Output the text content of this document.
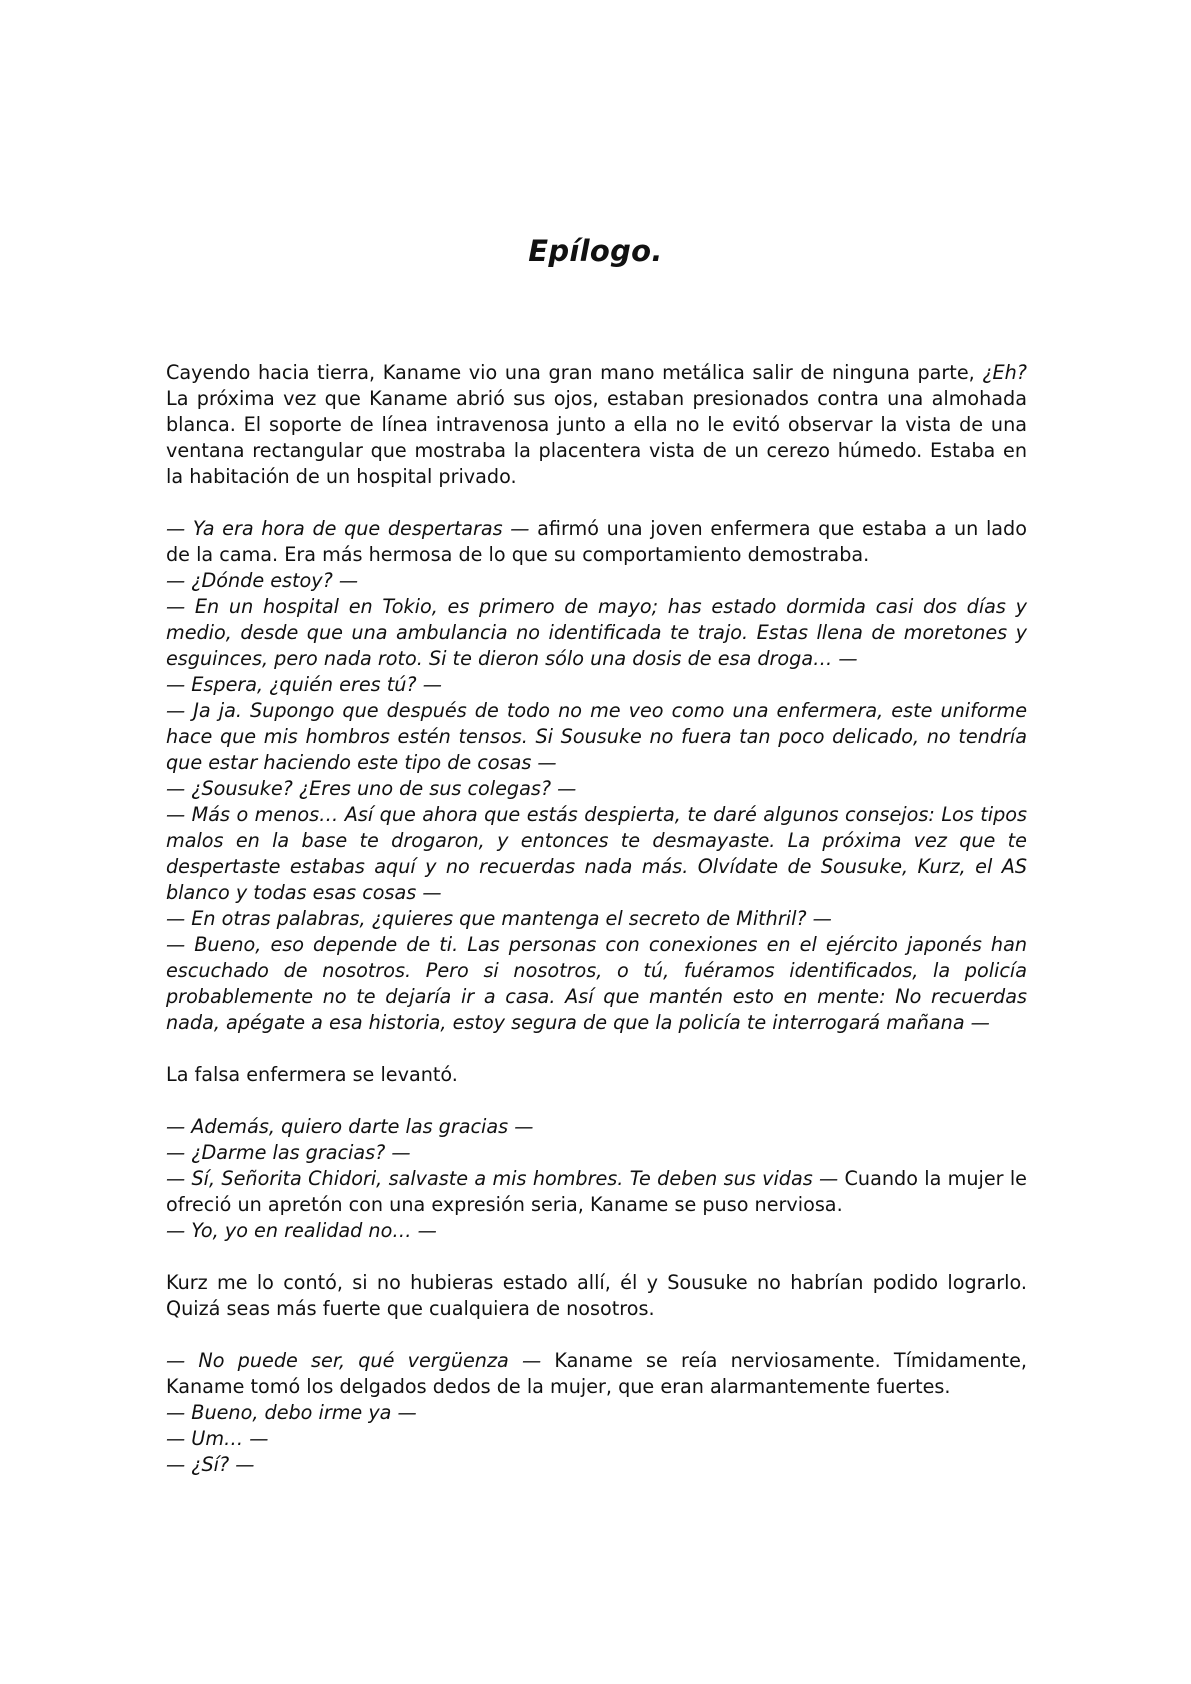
Epílogo.

Cayendo hacia tierra, Kaname vio una gran mano metálica salir de ninguna parte, ¿Eh? La próxima vez que Kaname abrió sus ojos, estaban presionados contra una almohada blanca. El soporte de línea intravenosa junto a ella no le evitó observar la vista de una ventana rectangular que mostraba la placentera vista de un cerezo húmedo. Estaba en la habitación de un hospital privado.

— Ya era hora de que despertaras — afirmó una joven enfermera que estaba a un lado de la cama. Era más hermosa de lo que su comportamiento demostraba.

— ¿Dónde estoy? —

— En un hospital en Tokio, es primero de mayo; has estado dormida casi dos días y medio, desde que una ambulancia no identificada te trajo. Estas llena de moretones y esguinces, pero nada roto. Si te dieron sólo una dosis de esa droga… —

— Espera, ¿quién eres tú? —

— Ja ja. Supongo que después de todo no me veo como una enfermera, este uniforme hace que mis hombros estén tensos. Si Sousuke no fuera tan poco delicado, no tendría que estar haciendo este tipo de cosas —

— ¿Sousuke? ¿Eres uno de sus colegas? —

— Más o menos… Así que ahora que estás despierta, te daré algunos consejos: Los tipos malos en la base te drogaron, y entonces te desmayaste. La próxima vez que te despertaste estabas aquí y no recuerdas nada más. Olvídate de Sousuke, Kurz, el AS blanco y todas esas cosas —

— En otras palabras, ¿quieres que mantenga el secreto de Mithril? —

— Bueno, eso depende de ti. Las personas con conexiones en el ejército japonés han escuchado de nosotros. Pero si nosotros, o tú, fuéramos identificados, la policía probablemente no te dejaría ir a casa. Así que mantén esto en mente: No recuerdas nada, apégate a esa historia, estoy segura de que la policía te interrogará mañana —

La falsa enfermera se levantó.

— Además, quiero darte las gracias —

— ¿Darme las gracias? —

— Sí, Señorita Chidori, salvaste a mis hombres. Te deben sus vidas — Cuando la mujer le ofreció un apretón con una expresión seria, Kaname se puso nerviosa.

— Yo, yo en realidad no… —

Kurz me lo contó, si no hubieras estado allí, él y Sousuke no habrían podido lograrlo. Quizá seas más fuerte que cualquiera de nosotros.

— No puede ser, qué vergüenza — Kaname se reía nerviosamente. Tímidamente, Kaname tomó los delgados dedos de la mujer, que eran alarmantemente fuertes.

— Bueno, debo irme ya —

— Um… —

— ¿Sí? —
